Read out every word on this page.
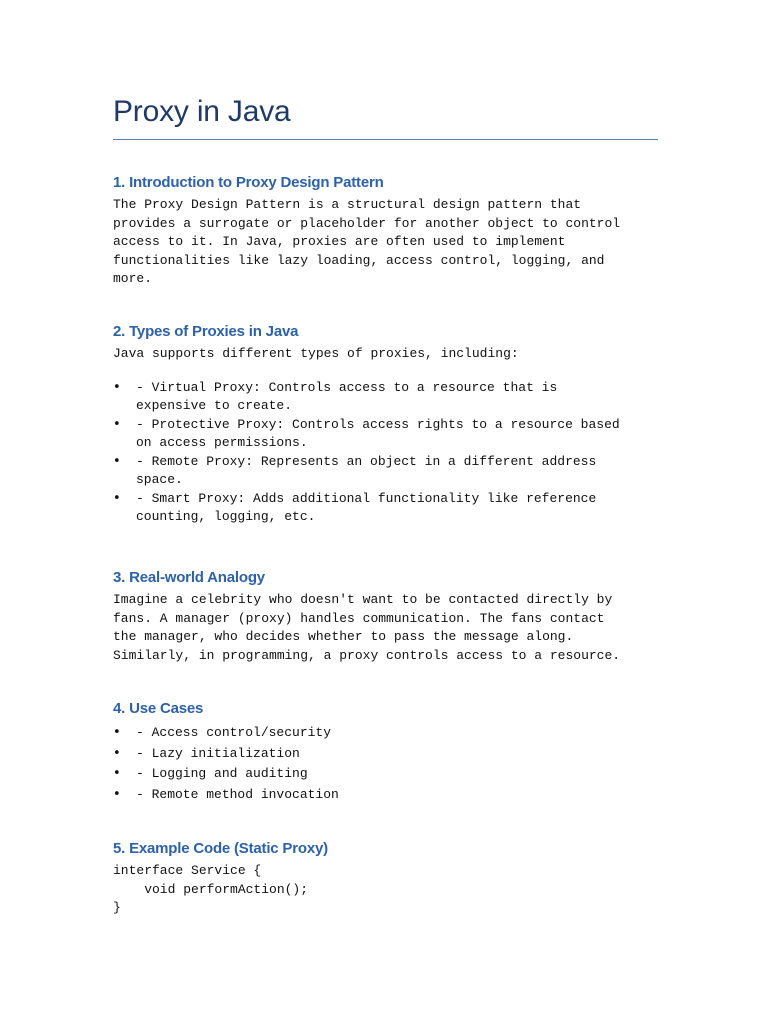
Proxy in Java
1. Introduction to Proxy Design Pattern

The Proxy Design Pattern is a structural design pattern that
provides a surrogate or placeholder for another object to control
access to it. In Java, proxies are often used to implement
functionalities like lazy loading, access control, logging, and
more.

2. Types of Proxies in Java

Java supports different types of proxies, including:

• - Virtual Proxy: Controls access to a resource that is
expensive to create.
• - Protective Proxy: Controls access rights to a resource based
on access permissions.
• - Remote Proxy: Represents an object in a different address
space.
• - Smart Proxy: Adds additional functionality like reference
counting, logging, etc.
3. Real-world Analogy

Imagine a celebrity who doesn't want to be contacted directly by
fans. A manager (proxy) handles communication. The fans contact
the manager, who decides whether to pass the message along.
Similarly, in programming, a proxy controls access to a resource.

4. Use Cases
• - Access control/security
• - Lazy initialization
• - Logging and auditing
• - Remote method invocation
5. Example Code (Static Proxy)
interface Service {
void performAction();
}
